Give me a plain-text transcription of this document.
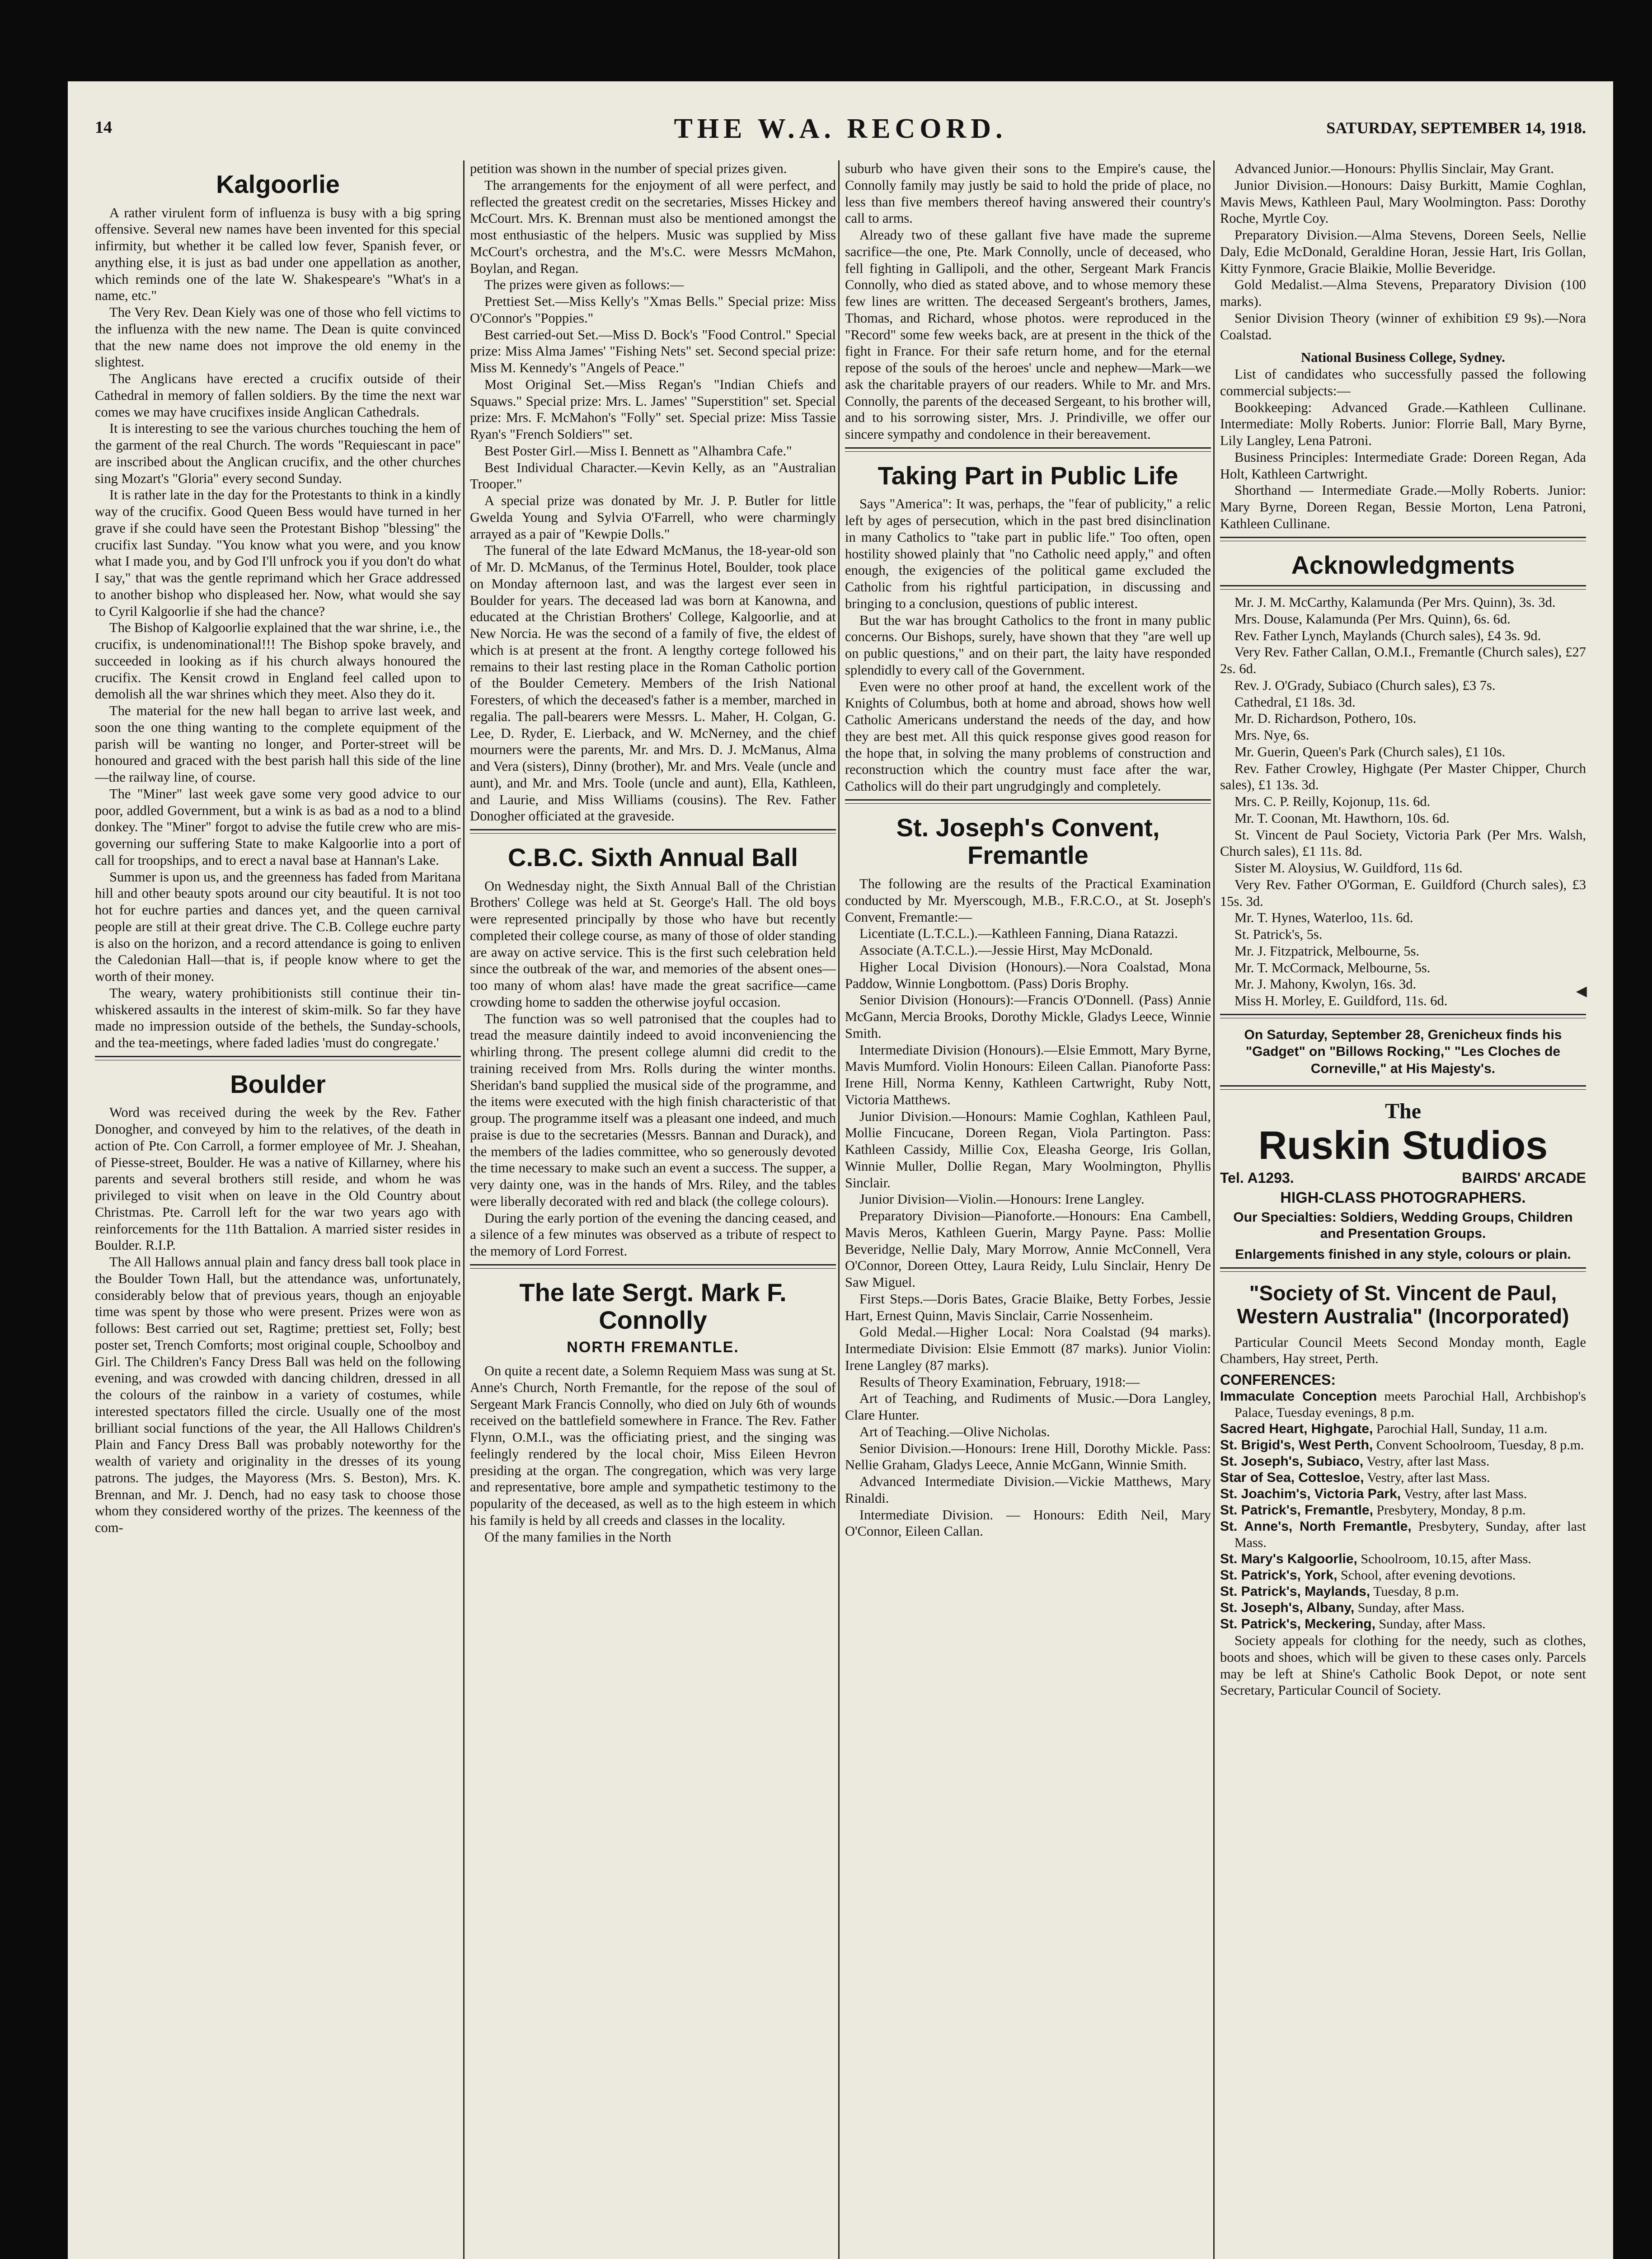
14	THE W.A. RECORD.	SATURDAY, SEPTEMBER 14, 1918.
Kalgoorlie

A rather virulent form of influenza is busy with a big spring offensive. Several new names have been invented for this special infirmity, but whether it be called low fever, Spanish fever, or anything else, it is just as bad under one appellation as another, which reminds one of the late W. Shakespeare's "What's in a name, etc."

The Very Rev. Dean Kiely was one of those who fell victims to the influenza with the new name. The Dean is quite convinced that the new name does not improve the old enemy in the slightest.

The Anglicans have erected a crucifix outside of their Cathedral in memory of fallen soldiers. By the time the next war comes we may have crucifixes inside Anglican Cathedrals.

It is interesting to see the various churches touching the hem of the garment of the real Church. The words "Requiescant in pace" are inscribed about the Anglican crucifix, and the other churches sing Mozart's "Gloria" every second Sunday.

It is rather late in the day for the Protestants to think in a kindly way of the crucifix. Good Queen Bess would have turned in her grave if she could have seen the Protestant Bishop "blessing" the crucifix last Sunday. "You know what you were, and you know what I made you, and by God I'll unfrock you if you don't do what I say," that was the gentle reprimand which her Grace addressed to another bishop who displeased her. Now, what would she say to Cyril Kalgoorlie if she had the chance?

The Bishop of Kalgoorlie explained that the war shrine, i.e., the crucifix, is undenominational!!! The Bishop spoke bravely, and succeeded in looking as if his church always honoured the crucifix. The Kensit crowd in England feel called upon to demolish all the war shrines which they meet. Also they do it.

The material for the new hall began to arrive last week, and soon the one thing wanting to the complete equipment of the parish will be wanting no longer, and Porter-street will be honoured and graced with the best parish hall this side of the line—the railway line, of course.

The "Miner" last week gave some very good advice to our poor, addled Government, but a wink is as bad as a nod to a blind donkey. The "Miner" forgot to advise the futile crew who are mis-governing our suffering State to make Kalgoorlie into a port of call for troopships, and to erect a naval base at Hannan's Lake.

Summer is upon us, and the greenness has faded from Maritana hill and other beauty spots around our city beautiful. It is not too hot for euchre parties and dances yet, and the queen carnival people are still at their great drive. The C.B. College euchre party is also on the horizon, and a record attendance is going to enliven the Caledonian Hall—that is, if people know where to get the worth of their money.

The weary, watery prohibitionists still continue their tin-whiskered assaults in the interest of skim-milk. So far they have made no impression outside of the bethels, the Sunday-schools, and the tea-meetings, where faded ladies 'must do congregate.'

Boulder

Word was received during the week by the Rev. Father Donogher, and conveyed by him to the relatives, of the death in action of Pte. Con Carroll, a former employee of Mr. J. Sheahan, of Piesse-street, Boulder. He was a native of Killarney, where his parents and several brothers still reside, and whom he was privileged to visit when on leave in the Old Country about Christmas. Pte. Carroll left for the war two years ago with reinforcements for the 11th Battalion. A married sister resides in Boulder. R.I.P.

The All Hallows annual plain and fancy dress ball took place in the Boulder Town Hall, but the attendance was, unfortunately, considerably below that of previous years, though an enjoyable time was spent by those who were present. Prizes were won as follows: Best carried out set, Ragtime; prettiest set, Folly; best poster set, Trench Comforts; most original couple, Schoolboy and Girl. The Children's Fancy Dress Ball was held on the following evening, and was crowded with dancing children, dressed in all the colours of the rainbow in a variety of costumes, while interested spectators filled the circle. Usually one of the most brilliant social functions of the year, the All Hallows Children's Plain and Fancy Dress Ball was probably noteworthy for the wealth of variety and originality in the dresses of its young patrons. The judges, the Mayoress (Mrs. S. Beston), Mrs. K. Brennan, and Mr. J. Dench, had no easy task to choose those whom they considered worthy of the prizes. The keenness of the com-

petition was shown in the number of special prizes given.

The arrangements for the enjoyment of all were perfect, and reflected the greatest credit on the secretaries, Misses Hickey and McCourt. Mrs. K. Brennan must also be mentioned amongst the most enthusiastic of the helpers. Music was supplied by Miss McCourt's orchestra, and the M's.C. were Messrs McMahon, Boylan, and Regan.

The prizes were given as follows:—

Prettiest Set.—Miss Kelly's "Xmas Bells." Special prize: Miss O'Connor's "Poppies."

Best carried-out Set.—Miss D. Bock's "Food Control." Special prize: Miss Alma James' "Fishing Nets" set. Second special prize: Miss M. Kennedy's "Angels of Peace."

Most Original Set.—Miss Regan's "Indian Chiefs and Squaws." Special prize: Mrs. L. James' "Superstition" set. Special prize: Mrs. F. McMahon's "Folly" set. Special prize: Miss Tassie Ryan's "French Soldiers'" set.

Best Poster Girl.—Miss I. Bennett as "Alhambra Cafe."

Best Individual Character.—Kevin Kelly, as an "Australian Trooper."

A special prize was donated by Mr. J. P. Butler for little Gwelda Young and Sylvia O'Farrell, who were charmingly arrayed as a pair of "Kewpie Dolls."

The funeral of the late Edward McManus, the 18-year-old son of Mr. D. McManus, of the Terminus Hotel, Boulder, took place on Monday afternoon last, and was the largest ever seen in Boulder for years. The deceased lad was born at Kanowna, and educated at the Christian Brothers' College, Kalgoorlie, and at New Norcia. He was the second of a family of five, the eldest of which is at present at the front. A lengthy cortege followed his remains to their last resting place in the Roman Catholic portion of the Boulder Cemetery. Members of the Irish National Foresters, of which the deceased's father is a member, marched in regalia. The pall-bearers were Messrs. L. Maher, H. Colgan, G. Lee, D. Ryder, E. Lierback, and W. McNerney, and the chief mourners were the parents, Mr. and Mrs. D. J. McManus, Alma and Vera (sisters), Dinny (brother), Mr. and Mrs. Veale (uncle and aunt), and Mr. and Mrs. Toole (uncle and aunt), Ella, Kathleen, and Laurie, and Miss Williams (cousins). The Rev. Father Donogher officiated at the graveside.

C.B.C. Sixth Annual Ball

On Wednesday night, the Sixth Annual Ball of the Christian Brothers' College was held at St. George's Hall. The old boys were represented principally by those who have but recently completed their college course, as many of those of older standing are away on active service. This is the first such celebration held since the outbreak of the war, and memories of the absent ones—too many of whom alas! have made the great sacrifice—came crowding home to sadden the otherwise joyful occasion.

The function was so well patronised that the couples had to tread the measure daintily indeed to avoid inconveniencing the whirling throng. The present college alumni did credit to the training received from Mrs. Rolls during the winter months. Sheridan's band supplied the musical side of the programme, and the items were executed with the high finish characteristic of that group. The programme itself was a pleasant one indeed, and much praise is due to the secretaries (Messrs. Bannan and Durack), and the members of the ladies committee, who so generously devoted the time necessary to make such an event a success. The supper, a very dainty one, was in the hands of Mrs. Riley, and the tables were liberally decorated with red and black (the college colours).

During the early portion of the evening the dancing ceased, and a silence of a few minutes was observed as a tribute of respect to the memory of Lord Forrest.

The late Sergt. Mark F. Connolly
NORTH FREMANTLE.

On quite a recent date, a Solemn Requiem Mass was sung at St. Anne's Church, North Fremantle, for the repose of the soul of Sergeant Mark Francis Connolly, who died on July 6th of wounds received on the battlefield somewhere in France. The Rev. Father Flynn, O.M.I., was the officiating priest, and the singing was feelingly rendered by the local choir, Miss Eileen Hevron presiding at the organ. The congregation, which was very large and representative, bore ample and sympathetic testimony to the popularity of the deceased, as well as to the high esteem in which his family is held by all creeds and classes in the locality.

Of the many families in the North

suburb who have given their sons to the Empire's cause, the Connolly family may justly be said to hold the pride of place, no less than five members thereof having answered their country's call to arms.

Already two of these gallant five have made the supreme sacrifice—the one, Pte. Mark Connolly, uncle of deceased, who fell fighting in Gallipoli, and the other, Sergeant Mark Francis Connolly, who died as stated above, and to whose memory these few lines are written. The deceased Sergeant's brothers, James, Thomas, and Richard, whose photos. were reproduced in the "Record" some few weeks back, are at present in the thick of the fight in France. For their safe return home, and for the eternal repose of the souls of the heroes' uncle and nephew—Mark—we ask the charitable prayers of our readers. While to Mr. and Mrs. Connolly, the parents of the deceased Sergeant, to his brother will, and to his sorrowing sister, Mrs. J. Prindiville, we offer our sincere sympathy and condolence in their bereavement.

Taking Part in Public Life

Says "America": It was, perhaps, the "fear of publicity," a relic left by ages of persecution, which in the past bred disinclination in many Catholics to "take part in public life." Too often, open hostility showed plainly that "no Catholic need apply," and often enough, the exigencies of the political game excluded the Catholic from his rightful participation, in discussing and bringing to a conclusion, questions of public interest.

But the war has brought Catholics to the front in many public concerns. Our Bishops, surely, have shown that they "are well up on public questions," and on their part, the laity have responded splendidly to every call of the Government.

Even were no other proof at hand, the excellent work of the Knights of Columbus, both at home and abroad, shows how well Catholic Americans understand the needs of the day, and how they are best met. All this quick response gives good reason for the hope that, in solving the many problems of construction and reconstruction which the country must face after the war, Catholics will do their part ungrudgingly and completely.

St. Joseph's Convent, Fremantle

The following are the results of the Practical Examination conducted by Mr. Myerscough, M.B., F.R.C.O., at St. Joseph's Convent, Fremantle:—

Licentiate (L.T.C.L.).—Kathleen Fanning, Diana Ratazzi.

Associate (A.T.C.L.).—Jessie Hirst, May McDonald.

Higher Local Division (Honours).—Nora Coalstad, Mona Paddow, Winnie Longbottom. (Pass) Doris Brophy.

Senior Division (Honours):—Francis O'Donnell. (Pass) Annie McGann, Mercia Brooks, Dorothy Mickle, Gladys Leece, Winnie Smith.

Intermediate Division (Honours).—Elsie Emmott, Mary Byrne, Mavis Mumford. Violin Honours: Eileen Callan. Pianoforte Pass: Irene Hill, Norma Kenny, Kathleen Cartwright, Ruby Nott, Victoria Matthews.

Junior Division.—Honours: Mamie Coghlan, Kathleen Paul, Mollie Fincucane, Doreen Regan, Viola Partington. Pass: Kathleen Cassidy, Millie Cox, Eleasha George, Iris Gollan, Winnie Muller, Dollie Regan, Mary Woolmington, Phyllis Sinclair.

Junior Division—Violin.—Honours: Irene Langley.

Preparatory Division—Pianoforte.—Honours: Ena Cambell, Mavis Meros, Kathleen Guerin, Margy Payne. Pass: Mollie Beveridge, Nellie Daly, Mary Morrow, Annie McConnell, Vera O'Connor, Doreen Ottey, Laura Reidy, Lulu Sinclair, Henry De Saw Miguel.

First Steps.—Doris Bates, Gracie Blaike, Betty Forbes, Jessie Hart, Ernest Quinn, Mavis Sinclair, Carrie Nossenheim.

Gold Medal.—Higher Local: Nora Coalstad (94 marks). Intermediate Division: Elsie Emmott (87 marks). Junior Violin: Irene Langley (87 marks).

Results of Theory Examination, February, 1918:—

Art of Teaching, and Rudiments of Music.—Dora Langley, Clare Hunter.

Art of Teaching.—Olive Nicholas.

Senior Division.—Honours: Irene Hill, Dorothy Mickle. Pass: Nellie Graham, Gladys Leece, Annie McGann, Winnie Smith.

Advanced Intermediate Division.—Vickie Matthews, Mary Rinaldi.

Intermediate Division. — Honours: Edith Neil, Mary O'Connor, Eileen Callan.

Advanced Junior.—Honours: Phyllis Sinclair, May Grant.

Junior Division.—Honours: Daisy Burkitt, Mamie Coghlan, Mavis Mews, Kathleen Paul, Mary Woolmington. Pass: Dorothy Roche, Myrtle Coy.

Preparatory Division.—Alma Stevens, Doreen Seels, Nellie Daly, Edie McDonald, Geraldine Horan, Jessie Hart, Iris Gollan, Kitty Fynmore, Gracie Blaikie, Mollie Beveridge.

Gold Medalist.—Alma Stevens, Preparatory Division (100 marks).

Senior Division Theory (winner of exhibition £9 9s).—Nora Coalstad.

National Business College, Sydney.

List of candidates who successfully passed the following commercial subjects:—

Bookkeeping: Advanced Grade.—Kathleen Cullinane. Intermediate: Molly Roberts. Junior: Florrie Ball, Mary Byrne, Lily Langley, Lena Patroni.

Business Principles: Intermediate Grade: Doreen Regan, Ada Holt, Kathleen Cartwright.

Shorthand — Intermediate Grade.—Molly Roberts. Junior: Mary Byrne, Doreen Regan, Bessie Morton, Lena Patroni, Kathleen Cullinane.

Acknowledgments

Mr. J. M. McCarthy, Kalamunda (Per Mrs. Quinn), 3s. 3d.

Mrs. Douse, Kalamunda (Per Mrs. Quinn), 6s. 6d.

Rev. Father Lynch, Maylands (Church sales), £4 3s. 9d.

Very Rev. Father Callan, O.M.I., Fremantle (Church sales), £27 2s. 6d.

Rev. J. O'Grady, Subiaco (Church sales), £3 7s.

Cathedral, £1 18s. 3d.

Mr. D. Richardson, Pothero, 10s.

Mrs. Nye, 6s.

Mr. Guerin, Queen's Park (Church sales), £1 10s.

Rev. Father Crowley, Highgate (Per Master Chipper, Church sales), £1 13s. 3d.

Mrs. C. P. Reilly, Kojonup, 11s. 6d.

Mr. T. Coonan, Mt. Hawthorn, 10s. 6d.

St. Vincent de Paul Society, Victoria Park (Per Mrs. Walsh, Church sales), £1 11s. 8d.

Sister M. Aloysius, W. Guildford, 11s 6d.

Very Rev. Father O'Gorman, E. Guildford (Church sales), £3 15s. 3d.

Mr. T. Hynes, Waterloo, 11s. 6d.

St. Patrick's, 5s.

Mr. J. Fitzpatrick, Melbourne, 5s.

Mr. T. McCormack, Melbourne, 5s.

Mr. J. Mahony, Kwolyn, 16s. 3d.

Miss H. Morley, E. Guildford, 11s. 6d.

On Saturday, September 28, Grenicheux finds his "Gadget" on "Billows Rocking," "Les Cloches de Corneville," at His Majesty's.
The
Ruskin Studios
Tel. A1293.	BAIRDS' ARCADE
HIGH-CLASS PHOTOGRAPHERS.
Our Specialties: Soldiers, Wedding Groups, Children and Presentation Groups.
Enlargements finished in any style, colours or plain.
"Society of St. Vincent de Paul, Western Australia" (Incorporated)

Particular Council Meets Second Monday month, Eagle Chambers, Hay street, Perth.

CONFERENCES:

Immaculate Conception meets Parochial Hall, Archbishop's Palace, Tuesday evenings, 8 p.m.

Sacred Heart, Highgate, Parochial Hall, Sunday, 11 a.m.

St. Brigid's, West Perth, Convent Schoolroom, Tuesday, 8 p.m.

St. Joseph's, Subiaco, Vestry, after last Mass.

Star of Sea, Cottesloe, Vestry, after last Mass.

St. Joachim's, Victoria Park, Vestry, after last Mass.

St. Patrick's, Fremantle, Presbytery, Monday, 8 p.m.

St. Anne's, North Fremantle, Presbytery, Sunday, after last Mass.

St. Mary's Kalgoorlie, Schoolroom, 10.15, after Mass.

St. Patrick's, York, School, after evening devotions.

St. Patrick's, Maylands, Tuesday, 8 p.m.

St. Joseph's, Albany, Sunday, after Mass.

St. Patrick's, Meckering, Sunday, after Mass.

Society appeals for clothing for the needy, such as clothes, boots and shoes, which will be given to these cases only. Parcels may be left at Shine's Catholic Book Depot, or note sent Secretary, Particular Council of Society.

◄
